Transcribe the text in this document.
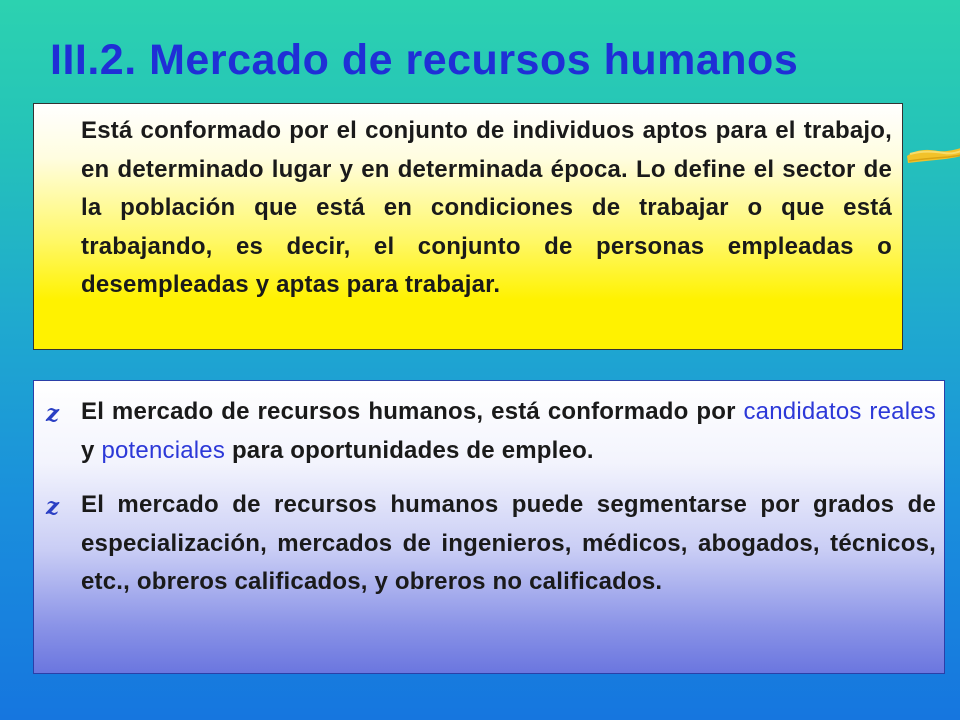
III.2. Mercado de recursos humanos

Está conformado por el conjunto de individuos aptos para el trabajo, en determinado lugar y en determinada época. Lo define el sector de la población que está en condiciones de trabajar o que está trabajando, es decir, el conjunto de personas empleadas o desempleadas y aptas para trabajar.

z El mercado de recursos humanos, está conformado por candidatos reales y potenciales para oportunidades de empleo.

z El mercado de recursos humanos puede segmentarse por grados de especialización, mercados de ingenieros, médicos, abogados, técnicos, etc., obreros calificados, y obreros no calificados.
